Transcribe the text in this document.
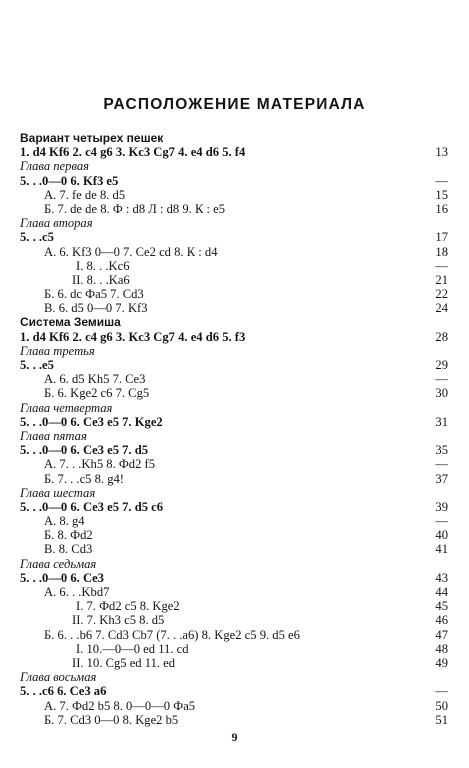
РАСПОЛОЖЕНИЕ МАТЕРИАЛА
Вариант четырех пешек
1. d4 Kf6 2. c4 g6 3. Kc3 Cg7 4. e4 d6 5. f4	13
Глава первая
5. . .0—0 6. Kf3 e5	—
А. 7. fe de 8. d5	15
Б. 7. de de 8. Ф : d8 Л : d8 9. К : e5	16
Глава вторая
5. . .c5	17
А. 6. Kf3 0—0 7. Ce2 cd 8. К : d4	18
I. 8. . .Kc6	—
II. 8. . .Ka6	21
Б. 6. dc Фa5 7. Cd3	22
В. 6. d5 0—0 7. Kf3	24
Система Земиша
1. d4 Kf6 2. c4 g6 3. Kc3 Cg7 4. e4 d6 5. f3	28
Глава третья
5. . .e5	29
А. 6. d5 Kh5 7. Ce3	—
Б. 6. Kge2 c6 7. Cg5	30
Глава четвертая
5. . .0—0 6. Ce3 e5 7. Kge2	31
Глава пятая
5. . .0—0 6. Ce3 e5 7. d5	35
А. 7. . .Kh5 8. Фd2 f5	—
Б. 7. . .c5 8. g4!	37
Глава шестая
5. . .0—0 6. Ce3 e5 7. d5 c6	39
А. 8. g4	—
Б. 8. Фd2	40
В. 8. Cd3	41
Глава седьмая
5. . .0—0 6. Ce3	43
А. 6. . .Kbd7	44
I. 7. Фd2 c5 8. Kge2	45
II. 7. Kh3 c5 8. d5	46
Б. 6. . .b6 7. Cd3 Cb7 (7. . .a6) 8. Kge2 c5 9. d5 e6	47
I. 10.—0—0 ed 11. cd	48
II. 10. Cg5 ed 11. ed	49
Глава восьмая
5. . .c6 6. Ce3 a6	—
А. 7. Фd2 b5 8. 0—0—0 Фa5	50
Б. 7. Cd3 0—0 8. Kge2 b5	51
9
